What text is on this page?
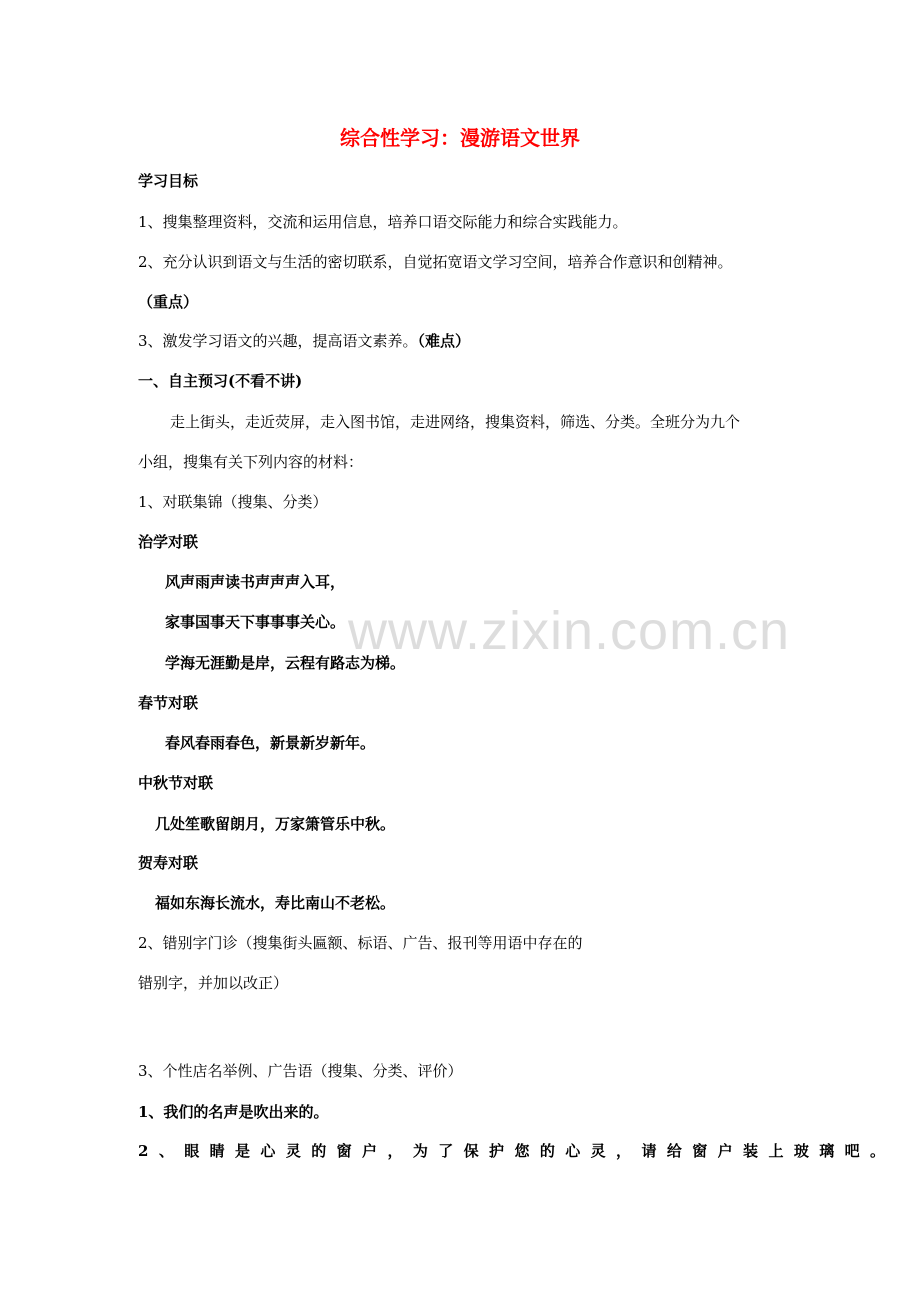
综合性学习：漫游语文世界
学习目标
1、搜集整理资料，交流和运用信息，培养口语交际能力和综合实践能力。
2、充分认识到语文与生活的密切联系，自觉拓宽语文学习空间，培养合作意识和创精神。
（重点）
3、激发学习语文的兴趣，提高语文素养。（难点）
一、自主预习(不看不讲)
走上街头，走近荧屏，走入图书馆，走进网络，搜集资料，筛选、分类。全班分为九个
小组，搜集有关下列内容的材料：
1、对联集锦（搜集、分类）
治学对联
风声雨声读书声声声入耳，
家事国事天下事事事关心。
学海无涯勤是岸，云程有路志为梯。
春节对联
春风春雨春色，新景新岁新年。
中秋节对联
几处笙歌留朗月，万家箫管乐中秋。
贺寿对联
福如东海长流水，寿比南山不老松。
2、错别字门诊（搜集街头匾额、标语、广告、报刊等用语中存在的
错别字，并加以改正）
3、个性店名举例、广告语（搜集、分类、评价）
1、我们的名声是吹出来的。
2、眼睛是心灵的窗户，为了保护您的心灵，请给窗户装上玻璃吧。
www.zixin.com.cn
